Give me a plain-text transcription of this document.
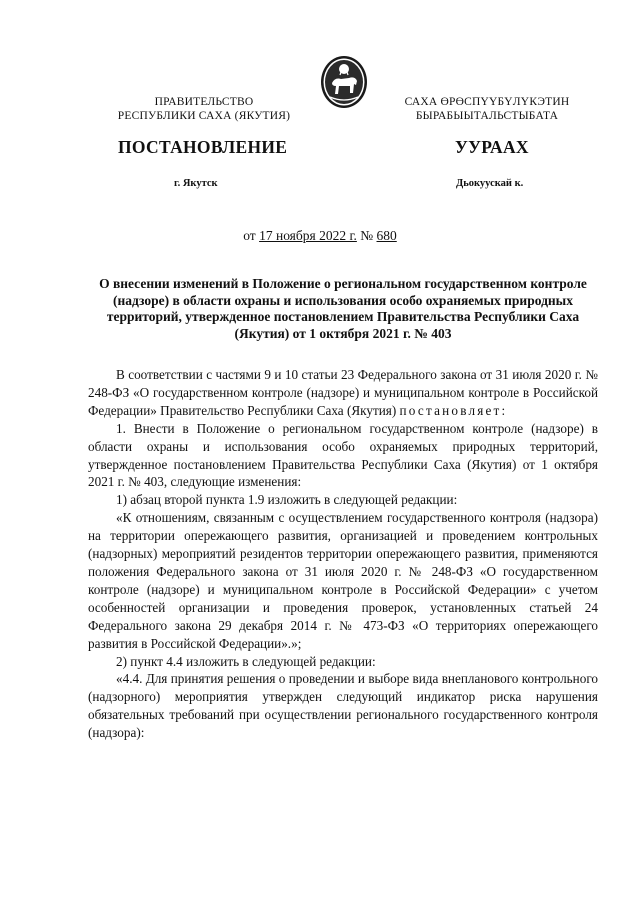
ПРАВИТЕЛЬСТВО
РЕСПУБЛИКИ САХА (ЯКУТИЯ)
САХА ӨРӨСПҮҮБҮЛҮКЭТИН
БЫРАБЫЫТАЛЬСТЫБАТА
ПОСТАНОВЛЕНИЕ	УУРААХ
г. Якутск	Дьокуускай к.
от 17 ноября 2022 г. № 680
О внесении изменений в Положение о региональном государственном контроле (надзоре) в области охраны и использования особо охраняемых природных территорий, утвержденное постановлением Правительства Республики Саха (Якутия) от 1 октября 2021 г. № 403

В соответствии с частями 9 и 10 статьи 23 Федерального закона от 31 июля 2020 г. № 248-ФЗ «О государственном контроле (надзоре) и муниципальном контроле в Российской Федерации» Правительство Республики Саха (Якутия) постановляет:

1. Внести в Положение о региональном государственном контроле (надзоре) в области охраны и использования особо охраняемых природных территорий, утвержденное постановлением Правительства Республики Саха (Якутия) от 1 октября 2021 г. № 403, следующие изменения:

1) абзац второй пункта 1.9 изложить в следующей редакции:

«К отношениям, связанным с осуществлением государственного контроля (надзора) на территории опережающего развития, организацией и проведением контрольных (надзорных) мероприятий резидентов территории опережающего развития, применяются положения Федерального закона от 31 июля 2020 г. № 248-ФЗ «О государственном контроле (надзоре) и муниципальном контроле в Российской Федерации» с учетом особенностей организации и проведения проверок, установленных статьей 24 Федерального закона 29 декабря 2014 г. № 473-ФЗ «О территориях опережающего развития в Российской Федерации».»;

2) пункт 4.4 изложить в следующей редакции:

«4.4. Для принятия решения о проведении и выборе вида внепланового контрольного (надзорного) мероприятия утвержден следующий индикатор риска нарушения обязательных требований при осуществлении регионального государственного контроля (надзора):
